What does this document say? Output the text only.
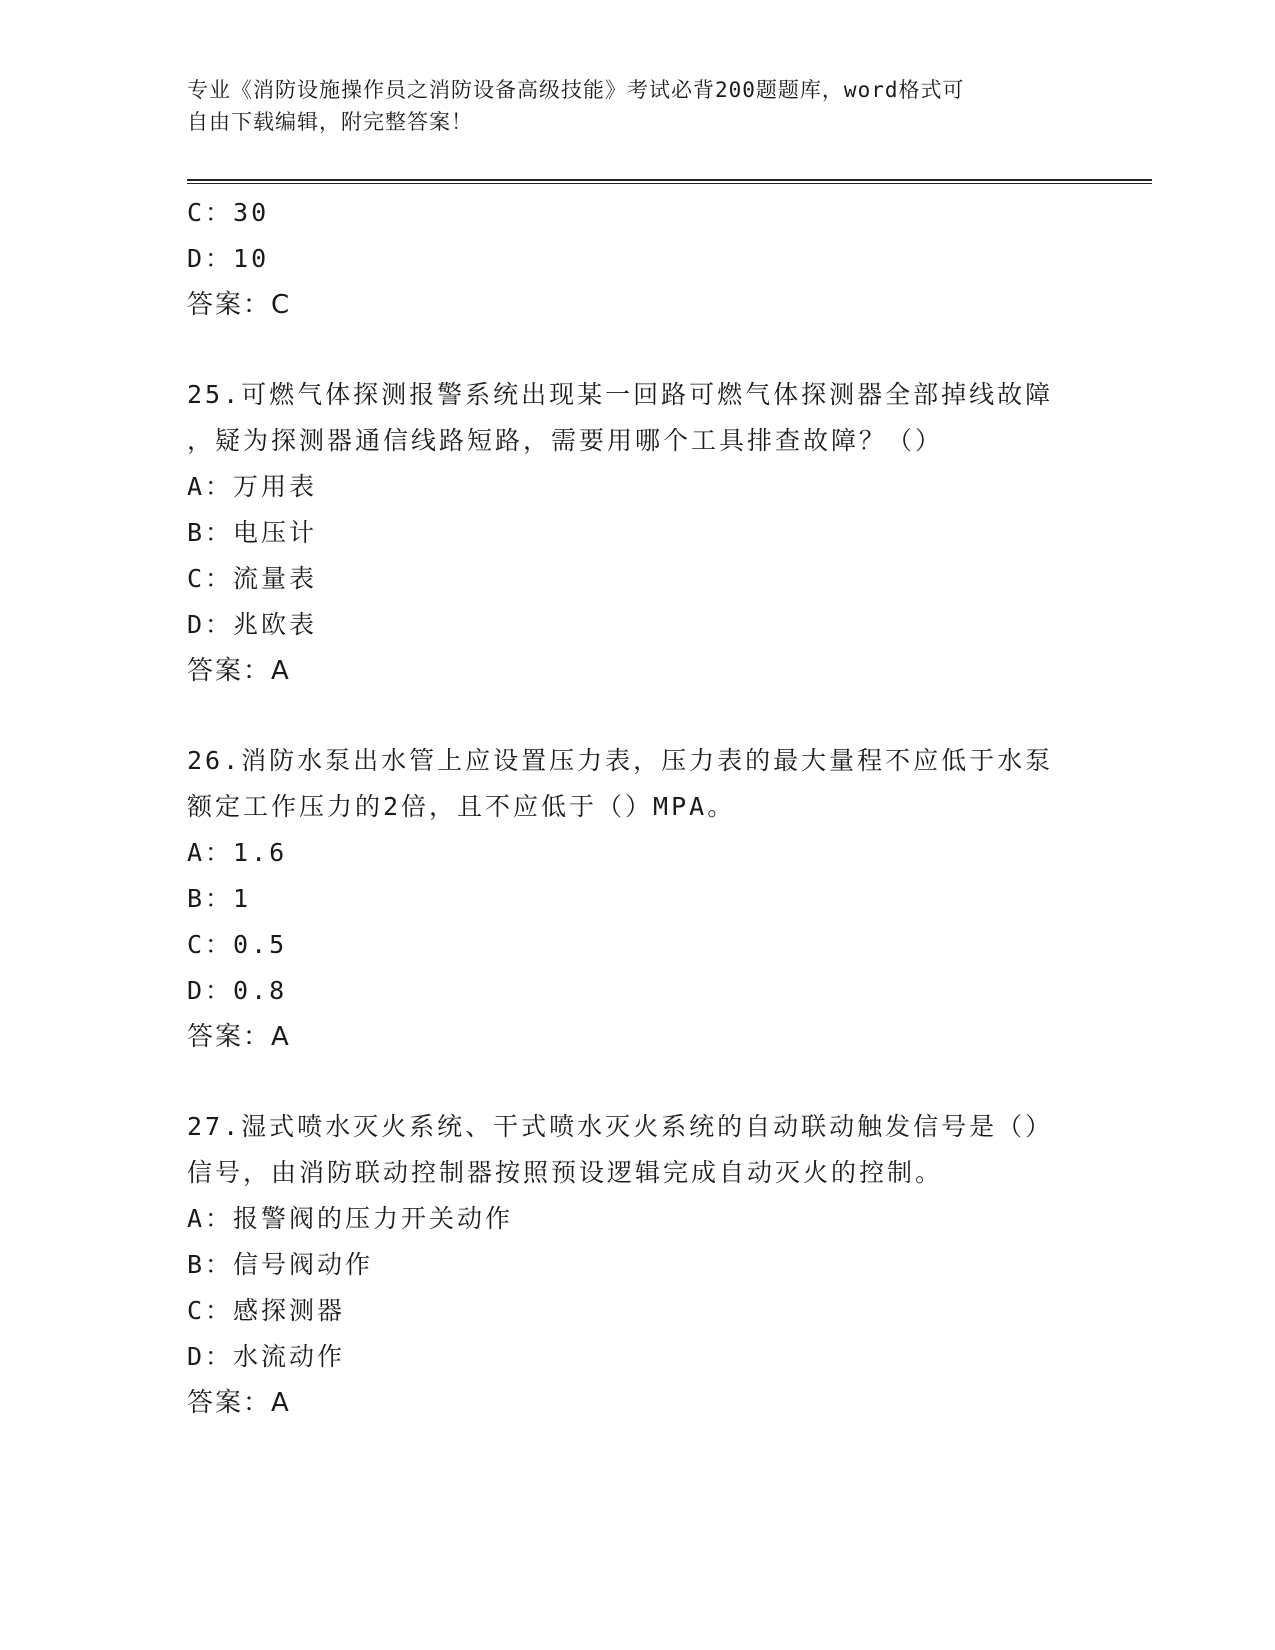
专业《消防设施操作员之消防设备高级技能》考试必背200题题库，word格式可
自由下载编辑，附完整答案！
C：30
D：10
答案：C
25.可燃气体探测报警系统出现某一回路可燃气体探测器全部掉线故障
，疑为探测器通信线路短路，需要用哪个工具排查故障？（）
A：万用表
B：电压计
C：流量表
D：兆欧表
答案：A
26.消防水泵出水管上应设置压力表，压力表的最大量程不应低于水泵
额定工作压力的2倍，且不应低于（）MPA。
A：1.6
B：1
C：0.5
D：0.8
答案：A
27.湿式喷水灭火系统、干式喷水灭火系统的自动联动触发信号是（）
信号，由消防联动控制器按照预设逻辑完成自动灭火的控制。
A：报警阀的压力开关动作
B：信号阀动作
C：感探测器
D：水流动作
答案：A
